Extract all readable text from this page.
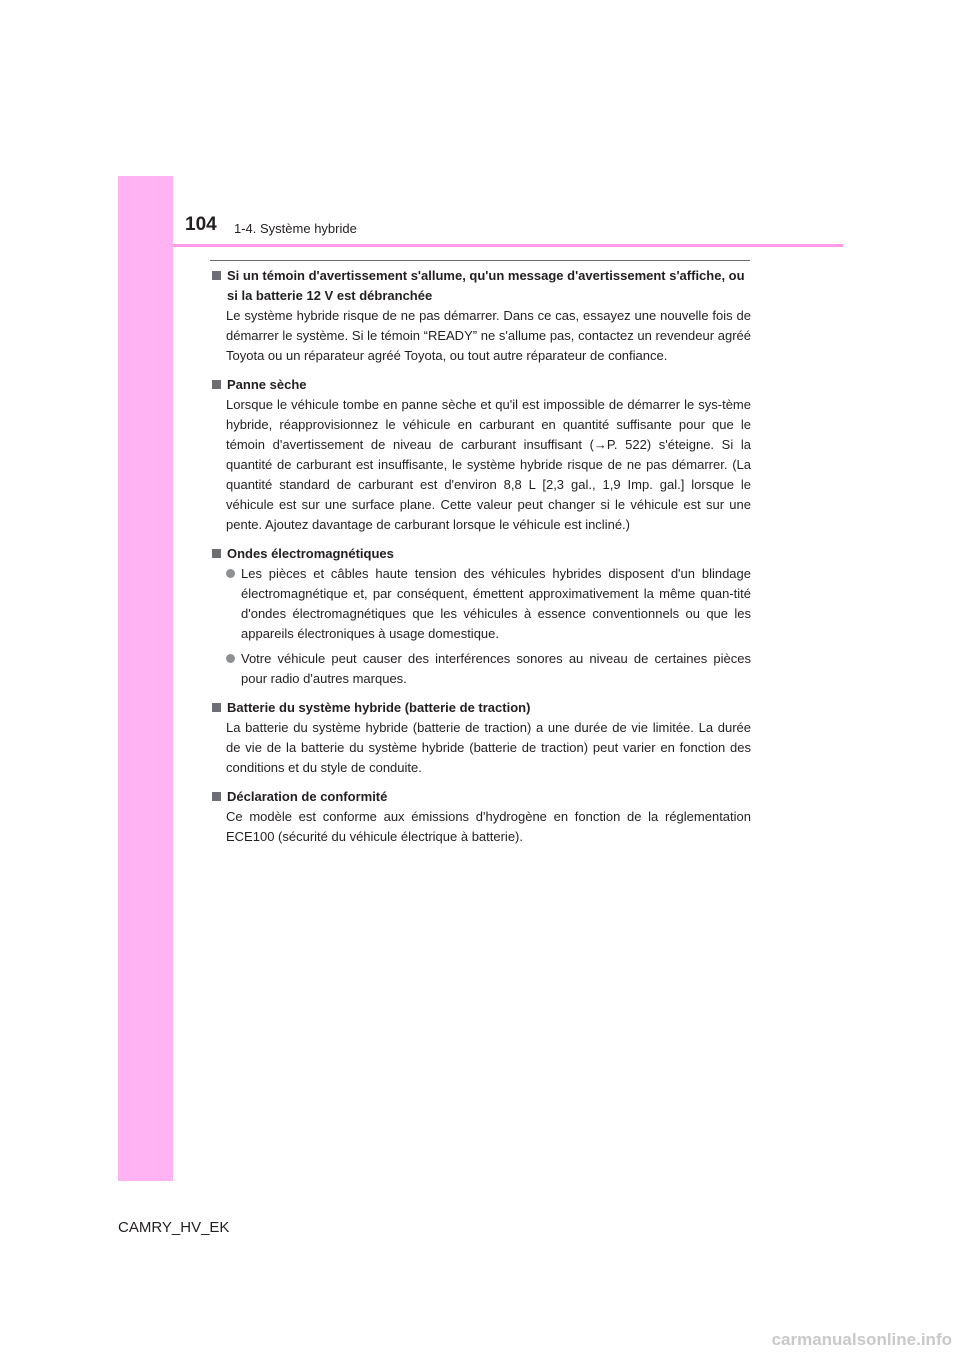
104 1-4. Système hybride
Si un témoin d'avertissement s'allume, qu'un message d'avertissement s'affiche, ou si la batterie 12 V est débranchée
Le système hybride risque de ne pas démarrer. Dans ce cas, essayez une nouvelle fois de démarrer le système. Si le témoin “READY” ne s'allume pas, contactez un revendeur agréé Toyota ou un réparateur agréé Toyota, ou tout autre réparateur de confiance.
Panne sèche
Lorsque le véhicule tombe en panne sèche et qu'il est impossible de démarrer le sys-tème hybride, réapprovisionnez le véhicule en carburant en quantité suffisante pour que le témoin d'avertissement de niveau de carburant insuffisant (→P. 522) s'éteigne. Si la quantité de carburant est insuffisante, le système hybride risque de ne pas démarrer. (La quantité standard de carburant est d'environ 8,8 L [2,3 gal., 1,9 Imp. gal.] lorsque le véhicule est sur une surface plane. Cette valeur peut changer si le véhicule est sur une pente. Ajoutez davantage de carburant lorsque le véhicule est incliné.)
Ondes électromagnétiques
Les pièces et câbles haute tension des véhicules hybrides disposent d'un blindage électromagnétique et, par conséquent, émettent approximativement la même quan-tité d'ondes électromagnétiques que les véhicules à essence conventionnels ou que les appareils électroniques à usage domestique.
Votre véhicule peut causer des interférences sonores au niveau de certaines pièces pour radio d'autres marques.
Batterie du système hybride (batterie de traction)
La batterie du système hybride (batterie de traction) a une durée de vie limitée. La durée de vie de la batterie du système hybride (batterie de traction) peut varier en fonction des conditions et du style de conduite.
Déclaration de conformité
Ce modèle est conforme aux émissions d'hydrogène en fonction de la réglementation ECE100 (sécurité du véhicule électrique à batterie).
CAMRY_HV_EK
carmanualsonline.info
